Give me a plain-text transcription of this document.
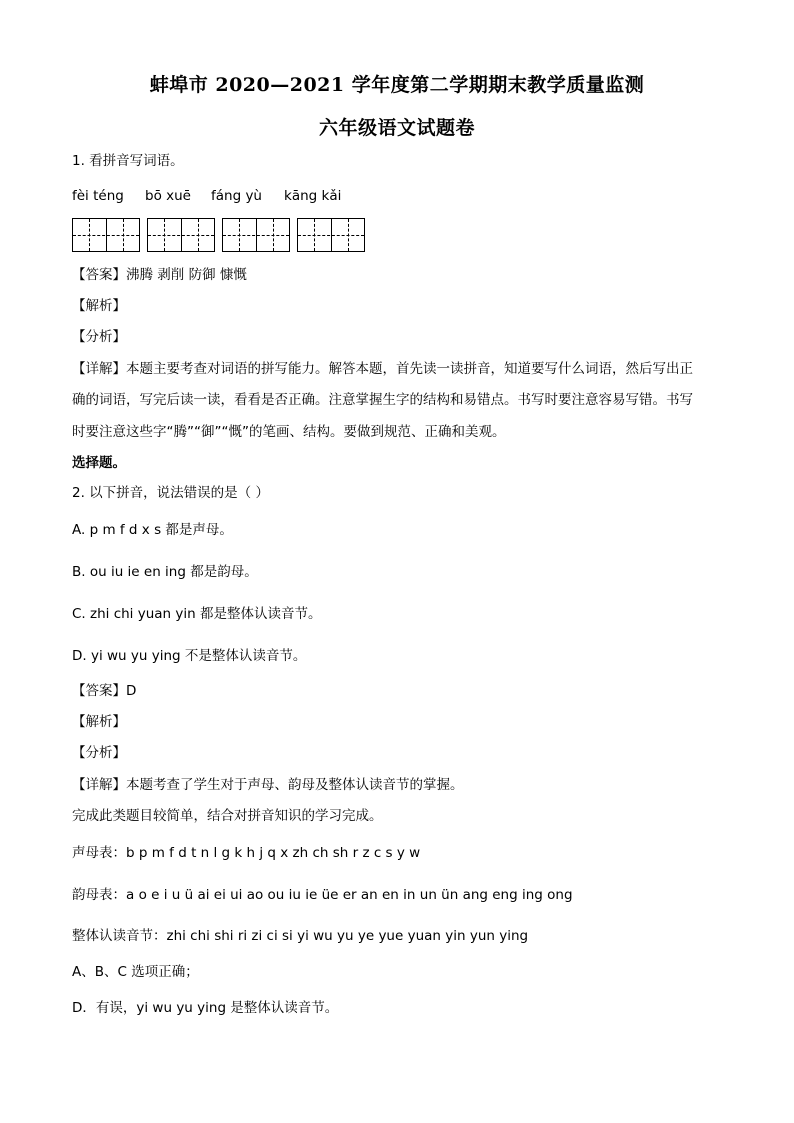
蚌埠市 2020—2021 学年度第二学期期末教学质量监测
六年级语文试题卷
1. 看拼音写词语。
fèi téng bō xuē fáng yù kāng kǎi
【答案】沸腾 剥削 防御 慷慨
【解析】
【分析】
【详解】本题主要考查对词语的拼写能力。解答本题，首先读一读拼音，知道要写什么词语，然后写出正
确的词语，写完后读一读，看看是否正确。注意掌握生字的结构和易错点。书写时要注意容易写错。书写
时要注意这些字“腾”“御”“慨”的笔画、结构。要做到规范、正确和美观。
选择题。
2. 以下拼音，说法错误的是（ ）
A. p m f d x s 都是声母。
B. ou iu ie en ing 都是韵母。
C. zhi chi yuan yin 都是整体认读音节。
D. yi wu yu ying 不是整体认读音节。
【答案】D
【解析】
【分析】
【详解】本题考查了学生对于声母、韵母及整体认读音节的掌握。
完成此类题目较简单，结合对拼音知识的学习完成。
声母表：b p m f d t n l g k h j q x zh ch sh r z c s y w
韵母表：a o e i u ü ai ei ui ao ou iu ie üe er an en in un ün ang eng ing ong
整体认读音节：zhi chi shi ri zi ci si yi wu yu ye yue yuan yin yun ying
A、B、C 选项正确；
D．有误，yi wu yu ying 是整体认读音节。
